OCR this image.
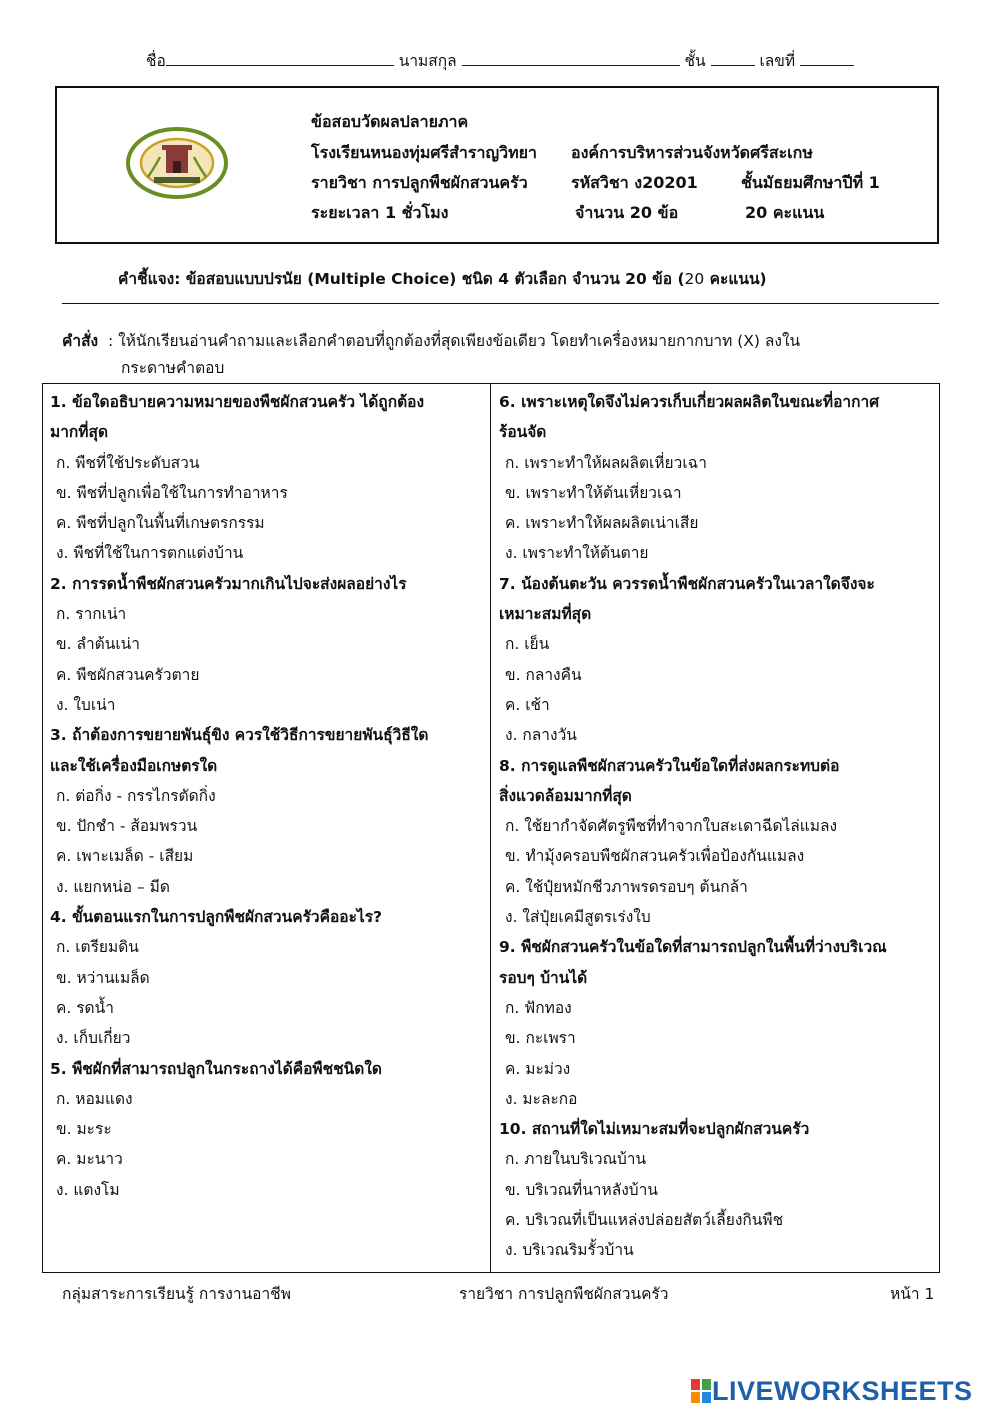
ชื่อ	นามสกุล	ชั้น	เลขที่
ข้อสอบวัดผลปลายภาค
โรงเรียนหนองทุ่มศรีสำราญวิทยา องค์การบริหารส่วนจังหวัดศรีสะเกษ
รายวิชา การปลูกพืชผักสวนครัว	รหัสวิชา ง20201	ชั้นมัธยมศึกษาปีที่ 1
ระยะเวลา 1 ชั่วโมง	จำนวน 20 ข้อ	20 คะแนน
คำชี้แจง: ข้อสอบแบบปรนัย (Multiple Choice) ชนิด 4 ตัวเลือก จำนวน 20 ข้อ (20 คะแนน)
คำสั่ง : ให้นักเรียนอ่านคำถามและเลือกคำตอบที่ถูกต้องที่สุดเพียงข้อเดียว โดยทำเครื่องหมายกากบาท (X) ลงใน
กระดาษคำตอบ
1. ข้อใดอธิบายความหมายของพืชผักสวนครัว ได้ถูกต้อง
มากที่สุด
ก. พืชที่ใช้ประดับสวน
ข. พืชที่ปลูกเพื่อใช้ในการทำอาหาร
ค. พืชที่ปลูกในพื้นที่เกษตรกรรม
ง. พืชที่ใช้ในการตกแต่งบ้าน
2. การรดน้ำพืชผักสวนครัวมากเกินไปจะส่งผลอย่างไร
ก. รากเน่า
ข. ลำต้นเน่า
ค. พืชผักสวนครัวตาย
ง. ใบเน่า
3. ถ้าต้องการขยายพันธุ์ขิง ควรใช้วิธีการขยายพันธุ์วิธีใด
และใช้เครื่องมือเกษตรใด
ก. ต่อกิ่ง - กรรไกรตัดกิ่ง
ข. ปักชำ - ส้อมพรวน
ค. เพาะเมล็ด - เสียม
ง. แยกหน่อ – มีด
4. ขั้นตอนแรกในการปลูกพืชผักสวนครัวคืออะไร?
ก. เตรียมดิน
ข. หว่านเมล็ด
ค. รดน้ำ
ง. เก็บเกี่ยว
5. พืชผักที่สามารถปลูกในกระถางได้คือพืชชนิดใด
ก. หอมแดง
ข. มะระ
ค. มะนาว
ง. แตงโม
6. เพราะเหตุใดจึงไม่ควรเก็บเกี่ยวผลผลิตในขณะที่อากาศ
ร้อนจัด
ก. เพราะทำให้ผลผลิตเหี่ยวเฉา
ข. เพราะทำให้ต้นเหี่ยวเฉา
ค. เพราะทำให้ผลผลิตเน่าเสีย
ง. เพราะทำให้ต้นตาย
7. น้องต้นตะวัน ควรรดน้ำพืชผักสวนครัวในเวลาใดจึงจะ
เหมาะสมที่สุด
ก. เย็น
ข. กลางคืน
ค. เช้า
ง. กลางวัน
8. การดูแลพืชผักสวนครัวในข้อใดที่ส่งผลกระทบต่อ
สิ่งแวดล้อมมากที่สุด
ก. ใช้ยากำจัดศัตรูพืชที่ทำจากใบสะเดาฉีดไล่แมลง
ข. ทำมุ้งครอบพืชผักสวนครัวเพื่อป้องกันแมลง
ค. ใช้ปุ๋ยหมักชีวภาพรดรอบๆ ต้นกล้า
ง. ใส่ปุ๋ยเคมีสูตรเร่งใบ
9. พืชผักสวนครัวในข้อใดที่สามารถปลูกในพื้นที่ว่างบริเวณ
รอบๆ บ้านได้
ก. ฟักทอง
ข. กะเพรา
ค. มะม่วง
ง. มะละกอ
10. สถานที่ใดไม่เหมาะสมที่จะปลูกผักสวนครัว
ก. ภายในบริเวณบ้าน
ข. บริเวณที่นาหลังบ้าน
ค. บริเวณที่เป็นแหล่งปล่อยสัตว์เลี้ยงกินพืช
ง. บริเวณริมรั้วบ้าน
กลุ่มสาระการเรียนรู้ การงานอาชีพ	รายวิชา การปลูกพืชผักสวนครัว	หน้า 1
LIVEWORKSHEETS
